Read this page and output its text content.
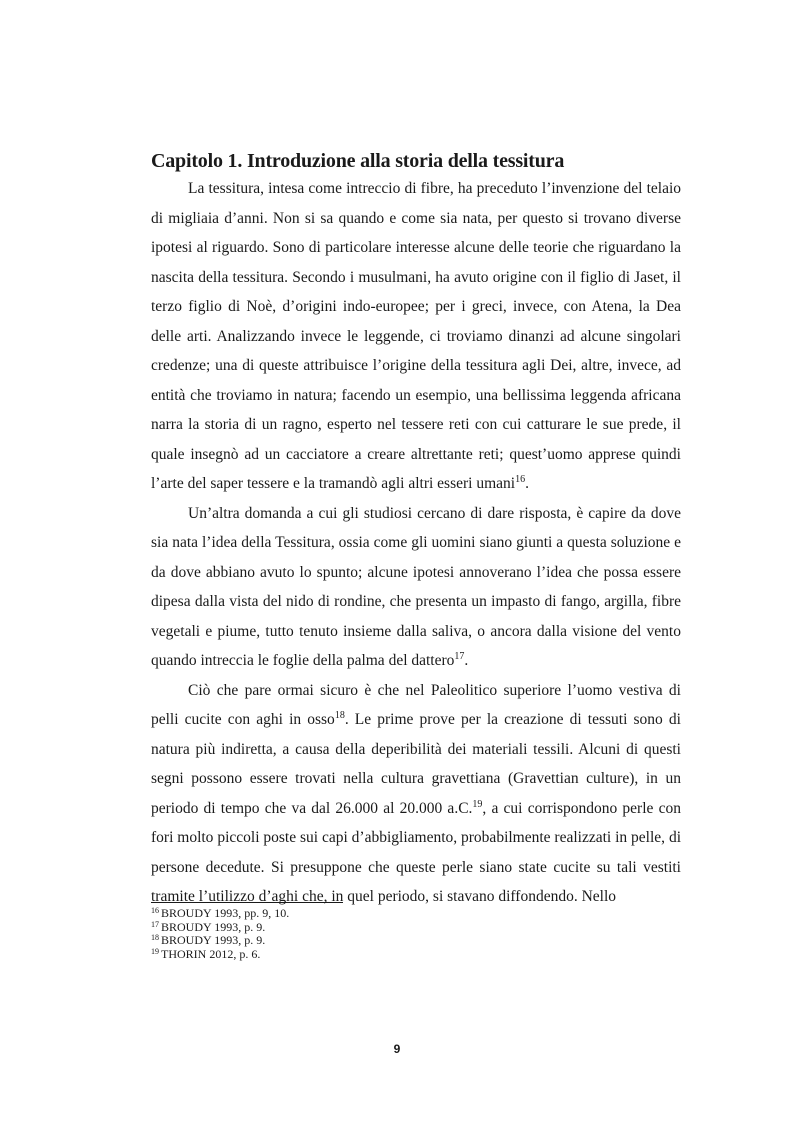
Capitolo 1. Introduzione alla storia della tessitura

La tessitura, intesa come intreccio di fibre, ha preceduto l’invenzione del telaio di migliaia d’anni. Non si sa quando e come sia nata, per questo si trovano diverse ipotesi al riguardo. Sono di particolare interesse alcune delle teorie che riguardano la nascita della tessitura. Secondo i musulmani, ha avuto origine con il figlio di Jaset, il terzo figlio di Noè, d’origini indo-europee; per i greci, invece, con Atena, la Dea delle arti. Analizzando invece le leggende, ci troviamo dinanzi ad alcune singolari credenze; una di queste attribuisce l’origine della tessitura agli Dei, altre, invece, ad entità che troviamo in natura; facendo un esempio, una bellissima leggenda africana narra la storia di un ragno, esperto nel tessere reti con cui catturare le sue prede, il quale insegnò ad un cacciatore a creare altrettante reti; quest’uomo apprese quindi l’arte del saper tessere e la tramandò agli altri esseri umani$^{16}$.

Un’altra domanda a cui gli studiosi cercano di dare risposta, è capire da dove sia nata l’idea della Tessitura, ossia come gli uomini siano giunti a questa soluzione e da dove abbiano avuto lo spunto; alcune ipotesi annoverano l’idea che possa essere dipesa dalla vista del nido di rondine, che presenta un impasto di fango, argilla, fibre vegetali e piume, tutto tenuto insieme dalla saliva, o ancora dalla visione del vento quando intreccia le foglie della palma del dattero$^{17}$.

Ciò che pare ormai sicuro è che nel Paleolitico superiore l’uomo vestiva di pelli cucite con aghi in osso$^{18}$. Le prime prove per la creazione di tessuti sono di natura più indiretta, a causa della deperibilità dei materiali tessili. Alcuni di questi segni possono essere trovati nella cultura gravettiana (Gravettian culture), in un periodo di tempo che va dal 26.000 al 20.000 a.C.$^{19}$, a cui corrispondono perle con fori molto piccoli poste sui capi d’abbigliamento, probabilmente realizzati in pelle, di persone decedute. Si presuppone che queste perle siano state cucite su tali vestiti tramite l’utilizzo d’aghi che, in quel periodo, si stavano diffondendo. Nello

$^{16}$ BROUDY 1993, pp. 9, 10.
$^{17}$ BROUDY 1993, p. 9.
$^{18}$ BROUDY 1993, p. 9.
$^{19}$ THORIN 2012, p. 6.
9
